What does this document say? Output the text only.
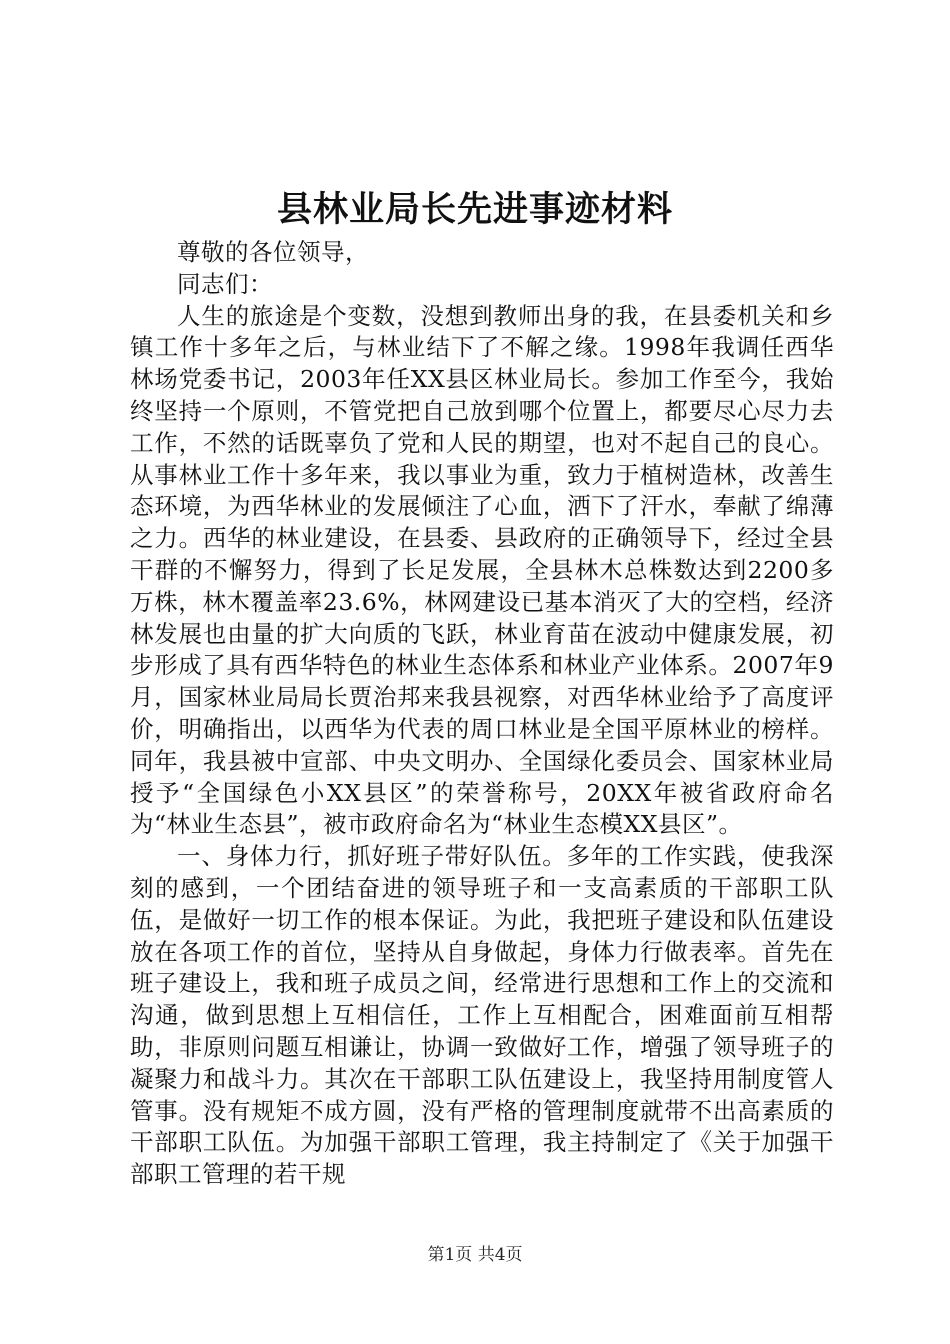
县林业局长先进事迹材料

尊敬的各位领导，

同志们：

人生的旅途是个变数，没想到教师出身的我，在县委机关和乡镇工作十多年之后，与林业结下了不解之缘。1998年我调任西华林场党委书记，2003年任XX县区林业局长。参加工作至今，我始终坚持一个原则，不管党把自己放到哪个位置上，都要尽心尽力去工作，不然的话既辜负了党和人民的期望，也对不起自己的良心。从事林业工作十多年来，我以事业为重，致力于植树造林，改善生态环境，为西华林业的发展倾注了心血，洒下了汗水，奉献了绵薄之力。西华的林业建设，在县委、县政府的正确领导下，经过全县干群的不懈努力，得到了长足发展，全县林木总株数达到2200多万株，林木覆盖率23.6%，林网建设已基本消灭了大的空档，经济林发展也由量的扩大向质的飞跃，林业育苗在波动中健康发展，初步形成了具有西华特色的林业生态体系和林业产业体系。2007年9月，国家林业局局长贾治邦来我县视察，对西华林业给予了高度评价，明确指出，以西华为代表的周口林业是全国平原林业的榜样。同年，我县被中宣部、中央文明办、全国绿化委员会、国家林业局授予“全国绿色小XX县区”的荣誉称号，20XX年被省政府命名为“林业生态县”，被市政府命名为“林业生态模XX县区”。

一、身体力行，抓好班子带好队伍。多年的工作实践，使我深刻的感到，一个团结奋进的领导班子和一支高素质的干部职工队伍，是做好一切工作的根本保证。为此，我把班子建设和队伍建设放在各项工作的首位，坚持从自身做起，身体力行做表率。首先在班子建设上，我和班子成员之间，经常进行思想和工作上的交流和沟通，做到思想上互相信任，工作上互相配合，困难面前互相帮助，非原则问题互相谦让，协调一致做好工作，增强了领导班子的凝聚力和战斗力。其次在干部职工队伍建设上，我坚持用制度管人管事。没有规矩不成方圆，没有严格的管理制度就带不出高素质的干部职工队伍。为加强干部职工管理，我主持制定了《关于加强干部职工管理的若干规

第1页 共4页
